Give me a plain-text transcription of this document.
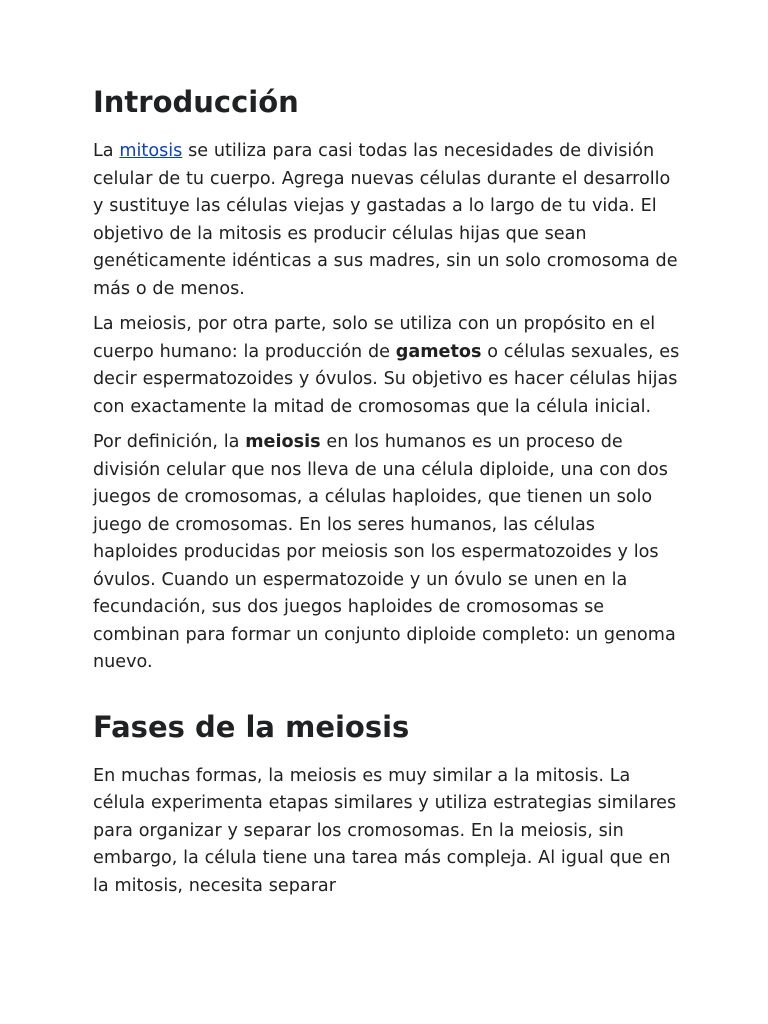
Introducción

La mitosis se utiliza para casi todas las necesidades de división celular de tu cuerpo. Agrega nuevas células durante el desarrollo y sustituye las células viejas y gastadas a lo largo de tu vida. El objetivo de la mitosis es producir células hijas que sean genéticamente idénticas a sus madres, sin un solo cromosoma de más o de menos.

La meiosis, por otra parte, solo se utiliza con un propósito en el cuerpo humano: la producción de gametos o células sexuales, es decir espermatozoides y óvulos. Su objetivo es hacer células hijas con exactamente la mitad de cromosomas que la célula inicial.

Por definición, la meiosis en los humanos es un proceso de división celular que nos lleva de una célula diploide, una con dos juegos de cromosomas, a células haploides, que tienen un solo juego de cromosomas. En los seres humanos, las células haploides producidas por meiosis son los espermatozoides y los óvulos. Cuando un espermatozoide y un óvulo se unen en la fecundación, sus dos juegos haploides de cromosomas se combinan para formar un conjunto diploide completo: un genoma nuevo.

Fases de la meiosis

En muchas formas, la meiosis es muy similar a la mitosis. La célula experimenta etapas similares y utiliza estrategias similares para organizar y separar los cromosomas. En la meiosis, sin embargo, la célula tiene una tarea más compleja. Al igual que en la mitosis, necesita separar
